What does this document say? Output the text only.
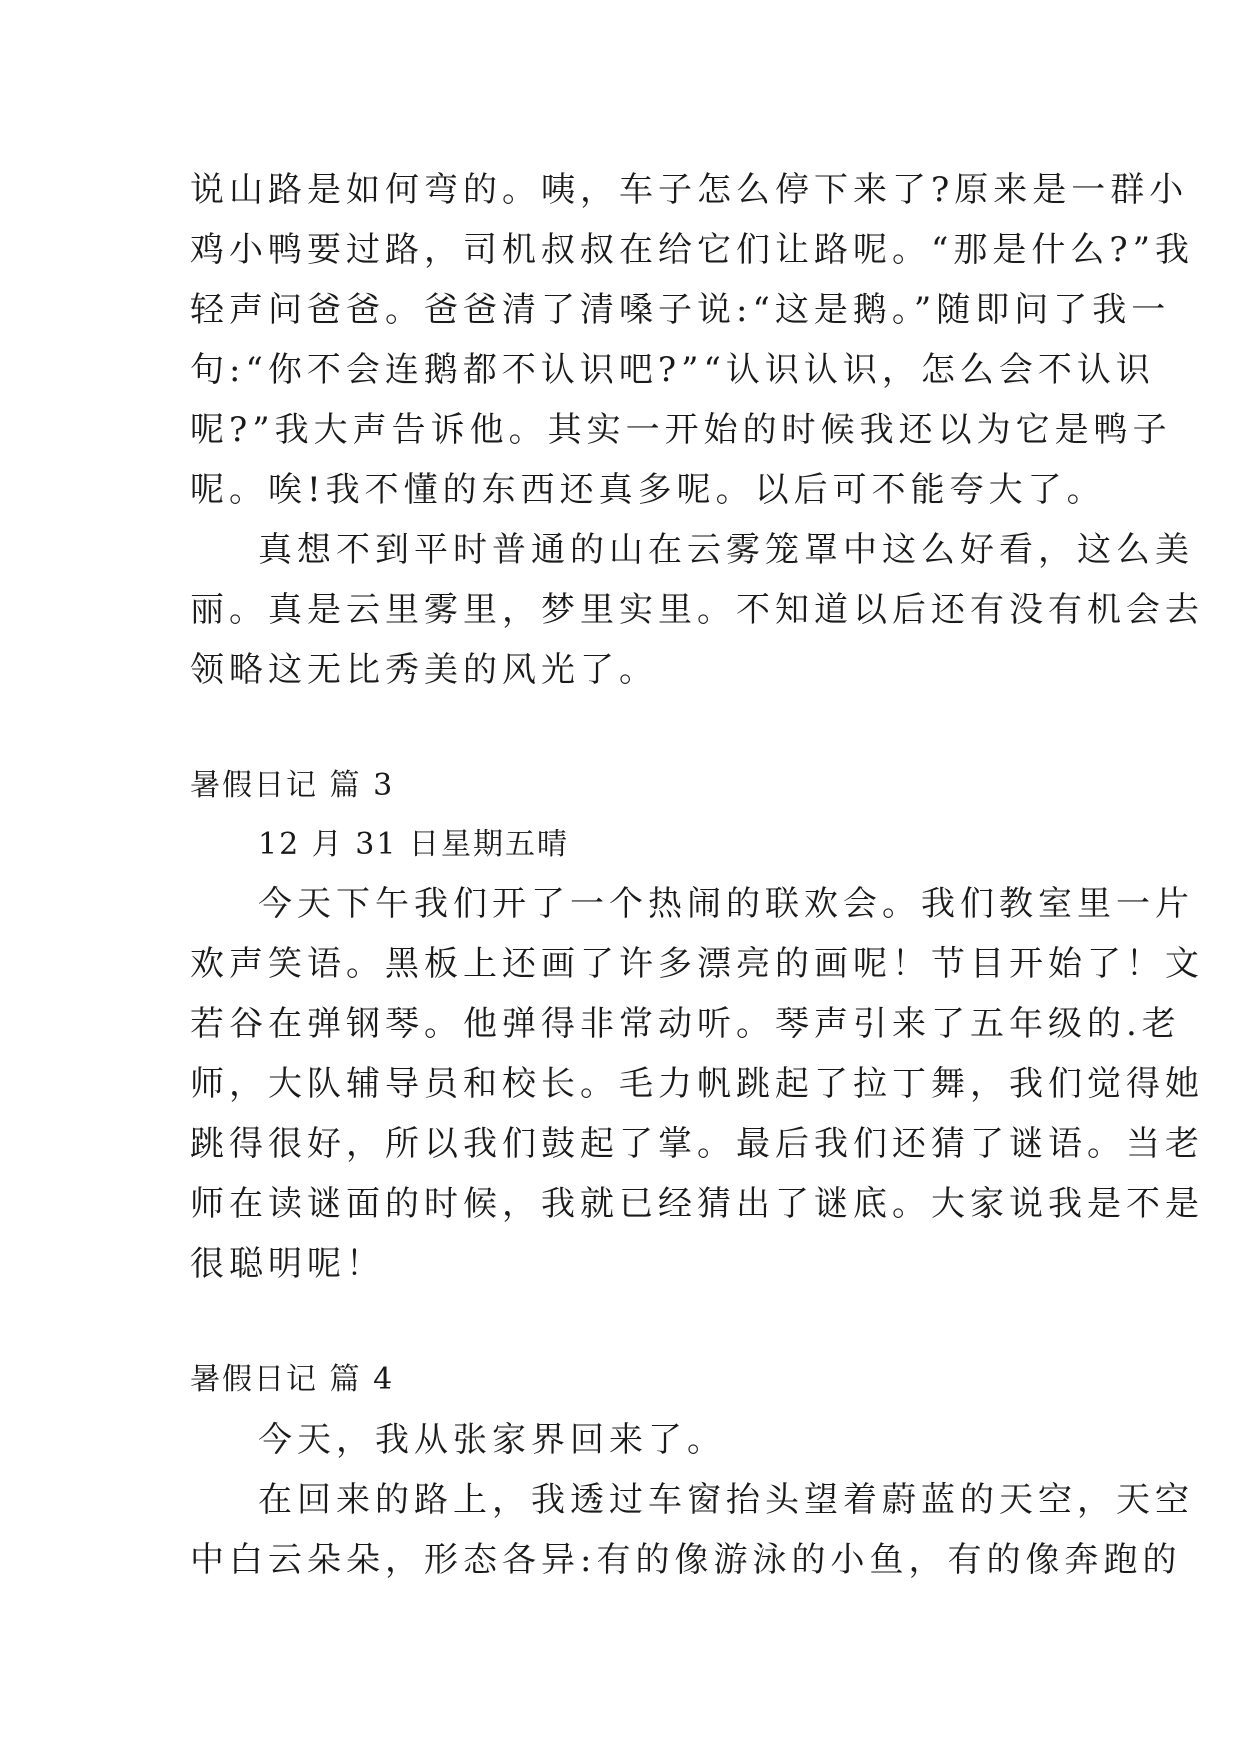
说山路是如何弯的。咦，车子怎么停下来了?原来是一群小
鸡小鸭要过路，司机叔叔在给它们让路呢。“那是什么?”我
轻声问爸爸。爸爸清了清嗓子说:“这是鹅。”随即问了我一
句:“你不会连鹅都不认识吧?”“认识认识，怎么会不认识
呢?”我大声告诉他。其实一开始的时候我还以为它是鸭子
呢。唉!我不懂的东西还真多呢。以后可不能夸大了。
真想不到平时普通的山在云雾笼罩中这么好看，这么美
丽。真是云里雾里，梦里实里。不知道以后还有没有机会去
领略这无比秀美的风光了。
暑假日记 篇 3
12 月 31 日星期五晴
今天下午我们开了一个热闹的联欢会。我们教室里一片
欢声笑语。黑板上还画了许多漂亮的画呢！节目开始了！文
若谷在弹钢琴。他弹得非常动听。琴声引来了五年级的.老
师，大队辅导员和校长。毛力帆跳起了拉丁舞，我们觉得她
跳得很好，所以我们鼓起了掌。最后我们还猜了谜语。当老
师在读谜面的时候，我就已经猜出了谜底。大家说我是不是
很聪明呢！
暑假日记 篇 4
今天，我从张家界回来了。
在回来的路上，我透过车窗抬头望着蔚蓝的天空，天空
中白云朵朵，形态各异:有的像游泳的小鱼，有的像奔跑的
